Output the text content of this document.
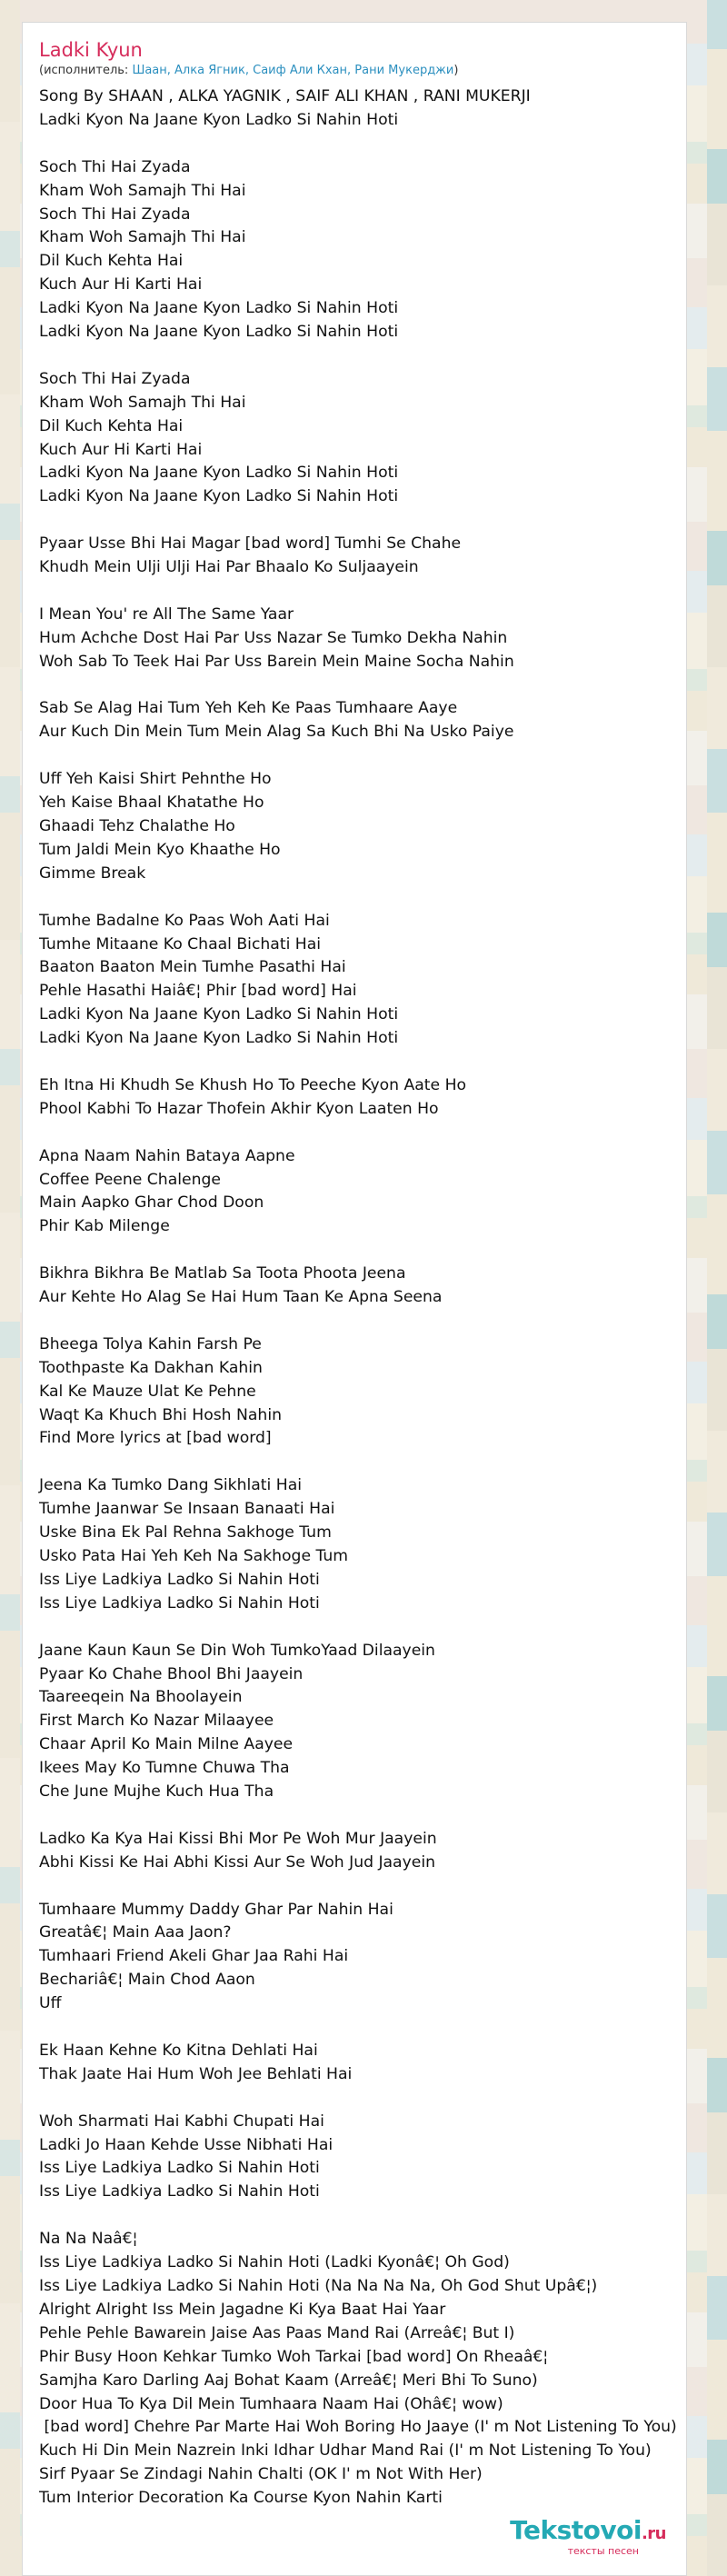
Ladki Kyun
(исполнитель: Шаан, Алка Ягник, Саиф Али Кхан, Рани Мукерджи)
Song By SHAAN , ALKA YAGNIK , SAIF ALI KHAN , RANI MUKERJI
Ladki Kyon Na Jaane Kyon Ladko Si Nahin Hoti
Soch Thi Hai Zyada
Kham Woh Samajh Thi Hai
Soch Thi Hai Zyada
Kham Woh Samajh Thi Hai
Dil Kuch Kehta Hai
Kuch Aur Hi Karti Hai
Ladki Kyon Na Jaane Kyon Ladko Si Nahin Hoti
Ladki Kyon Na Jaane Kyon Ladko Si Nahin Hoti
Soch Thi Hai Zyada
Kham Woh Samajh Thi Hai
Dil Kuch Kehta Hai
Kuch Aur Hi Karti Hai
Ladki Kyon Na Jaane Kyon Ladko Si Nahin Hoti
Ladki Kyon Na Jaane Kyon Ladko Si Nahin Hoti
Pyaar Usse Bhi Hai Magar [bad word] Tumhi Se Chahe
Khudh Mein Ulji Ulji Hai Par Bhaalo Ko Suljaayein
I Mean You' re All The Same Yaar
Hum Achche Dost Hai Par Uss Nazar Se Tumko Dekha Nahin
Woh Sab To Teek Hai Par Uss Barein Mein Maine Socha Nahin
Sab Se Alag Hai Tum Yeh Keh Ke Paas Tumhaare Aaye
Aur Kuch Din Mein Tum Mein Alag Sa Kuch Bhi Na Usko Paiye
Uff Yeh Kaisi Shirt Pehnthe Ho
Yeh Kaise Bhaal Khatathe Ho
Ghaadi Tehz Chalathe Ho
Tum Jaldi Mein Kyo Khaathe Ho
Gimme Break
Tumhe Badalne Ko Paas Woh Aati Hai
Tumhe Mitaane Ko Chaal Bichati Hai
Baaton Baaton Mein Tumhe Pasathi Hai
Pehle Hasathi Haiâ€¦ Phir [bad word] Hai
Ladki Kyon Na Jaane Kyon Ladko Si Nahin Hoti
Ladki Kyon Na Jaane Kyon Ladko Si Nahin Hoti
Eh Itna Hi Khudh Se Khush Ho To Peeche Kyon Aate Ho
Phool Kabhi To Hazar Thofein Akhir Kyon Laaten Ho
Apna Naam Nahin Bataya Aapne
Coffee Peene Chalenge
Main Aapko Ghar Chod Doon
Phir Kab Milenge
Bikhra Bikhra Be Matlab Sa Toota Phoota Jeena
Aur Kehte Ho Alag Se Hai Hum Taan Ke Apna Seena
Bheega Tolya Kahin Farsh Pe
Toothpaste Ka Dakhan Kahin
Kal Ke Mauze Ulat Ke Pehne
Waqt Ka Khuch Bhi Hosh Nahin
Find More lyrics at [bad word]
Jeena Ka Tumko Dang Sikhlati Hai
Tumhe Jaanwar Se Insaan Banaati Hai
Uske Bina Ek Pal Rehna Sakhoge Tum
Usko Pata Hai Yeh Keh Na Sakhoge Tum
Iss Liye Ladkiya Ladko Si Nahin Hoti
Iss Liye Ladkiya Ladko Si Nahin Hoti
Jaane Kaun Kaun Se Din Woh TumkoYaad Dilaayein
Pyaar Ko Chahe Bhool Bhi Jaayein
Taareeqein Na Bhoolayein
First March Ko Nazar Milaayee
Chaar April Ko Main Milne Aayee
Ikees May Ko Tumne Chuwa Tha
Che June Mujhe Kuch Hua Tha
Ladko Ka Kya Hai Kissi Bhi Mor Pe Woh Mur Jaayein
Abhi Kissi Ke Hai Abhi Kissi Aur Se Woh Jud Jaayein
Tumhaare Mummy Daddy Ghar Par Nahin Hai
Greatâ€¦ Main Aaa Jaon?
Tumhaari Friend Akeli Ghar Jaa Rahi Hai
Bechariâ€¦ Main Chod Aaon
Uff
Ek Haan Kehne Ko Kitna Dehlati Hai
Thak Jaate Hai Hum Woh Jee Behlati Hai
Woh Sharmati Hai Kabhi Chupati Hai
Ladki Jo Haan Kehde Usse Nibhati Hai
Iss Liye Ladkiya Ladko Si Nahin Hoti
Iss Liye Ladkiya Ladko Si Nahin Hoti
Na Na Naâ€¦
Iss Liye Ladkiya Ladko Si Nahin Hoti (Ladki Kyonâ€¦ Oh God)
Iss Liye Ladkiya Ladko Si Nahin Hoti (Na Na Na Na, Oh God Shut Upâ€¦)
Alright Alright Iss Mein Jagadne Ki Kya Baat Hai Yaar
Pehle Pehle Bawarein Jaise Aas Paas Mand Rai (Arreâ€¦ But I)
Phir Busy Hoon Kehkar Tumko Woh Tarkai [bad word] On Rheaâ€¦
Samjha Karo Darling Aaj Bohat Kaam (Arreâ€¦ Meri Bhi To Suno)
Door Hua To Kya Dil Mein Tumhaara Naam Hai (Ohâ€¦ wow)
[bad word] Chehre Par Marte Hai Woh Boring Ho Jaaye (I' m Not Listening To You)
Kuch Hi Din Mein Nazrein Inki Idhar Udhar Mand Rai (I' m Not Listening To You)
Sirf Pyaar Se Zindagi Nahin Chalti (OK I' m Not With Her)
Tum Interior Decoration Ka Course Kyon Nahin Karti
Tekstovoi.ru
тексты песен
